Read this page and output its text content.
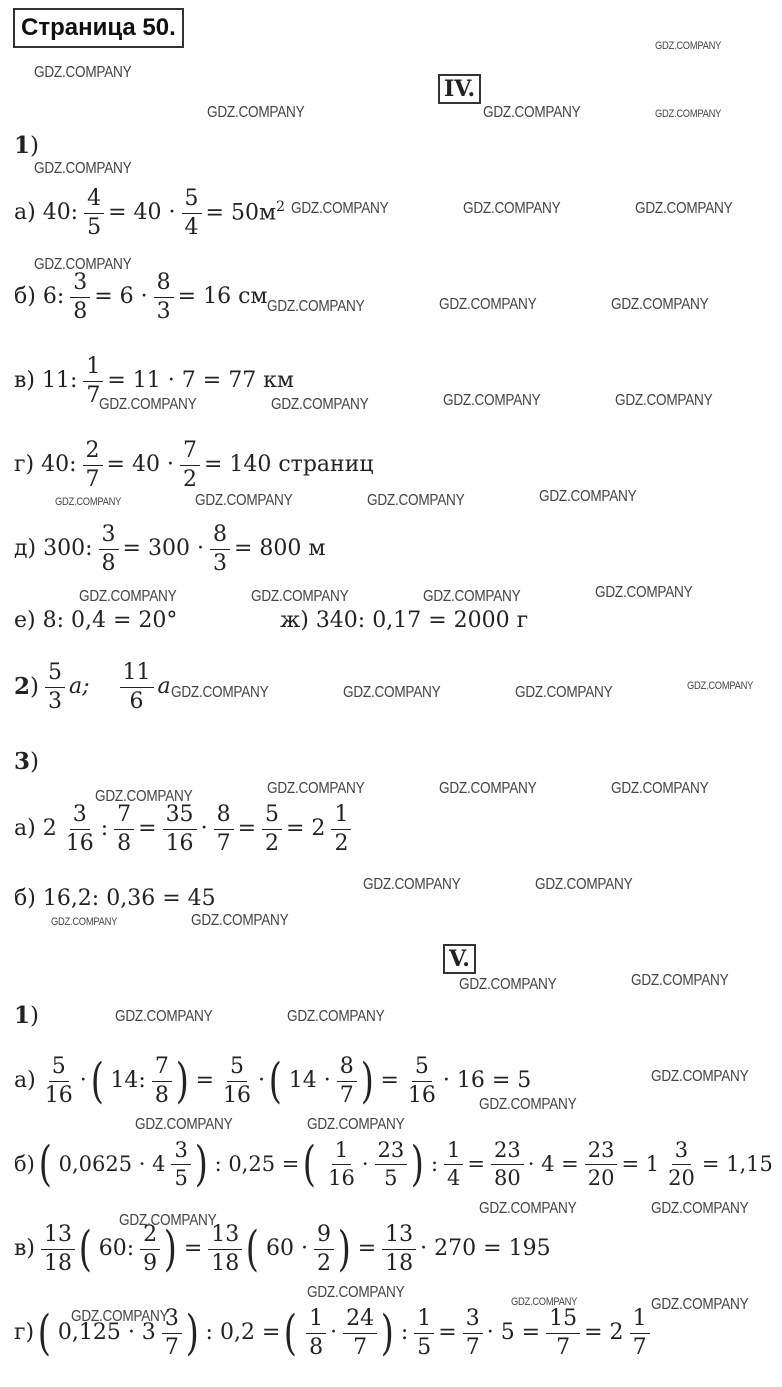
Страница 50.
IV.
1)
а) 40: $\frac{4}{5} = 40 \cdot \frac{5}{4} = 50м^2$
б) 6: $\frac{3}{8} = 6 \cdot \frac{8}{3} = 16$ см
в) 11: $\frac{1}{7} = 11 \cdot 7 = 77$ км
г) 40: $\frac{2}{7} = 40 \cdot \frac{7}{2} = 140$ страниц
д) 300: $\frac{3}{8} = 300 \cdot \frac{8}{3} = 800$ м
е) 8: 0,4 = 20°	ж) 340: 0,17 = 2000 г
$2) \frac{5}{3} a$; $\frac{11}{6}$ a
3)
а) $2 \frac{3}{16}$ : $\frac{7}{8} = \frac{35}{16} \cdot \frac{8}{7} = \frac{5}{2} = 2 \frac{1}{2}$
б) 16,2: 0,36 = 45
V.
1)
$а) \frac{5}{16}$ · ( 14: $\frac{7}{8}$ ) = $\frac{5}{16}$ · ( $14 \cdot \frac{8}{7}$ ) = $\frac{5}{16} \cdot 16 = 5$
б) ( $0,0625 \cdot 4 \frac{3}{5}$ ) : 0,25 = ( $\frac{1}{16} \cdot \frac{23}{5}$ ) : $\frac{1}{4} = \frac{23}{80} \cdot 4 = \frac{23}{20} = 1 \frac{3}{20} = 1,15$
$в) \frac{13}{18}$ ( 60: $\frac{2}{9}$ ) = $\frac{13}{18}$ ( $60 \cdot \frac{9}{2}$ ) = $\frac{13}{18} \cdot 270 = 195$
г) ( $0,125 \cdot 3 \frac{3}{7}$ ) : 0,2 = ( $\frac{1}{8} \cdot \frac{24}{7}$ ) : $\frac{1}{5} = \frac{3}{7} \cdot 5 = \frac{15}{7} = 2 \frac{1}{7}$
GDZ.COMPANY
GDZ.COMPANY
GDZ.COMPANY	GDZ.COMPANY	GDZ.COMPANY
GDZ.COMPANY
GDZ.COMPANY	GDZ.COMPANY	GDZ.COMPANY
GDZ.COMPANY
GDZ.COMPANY	GDZ.COMPANY	GDZ.COMPANY
GDZ.COMPANY	GDZ.COMPANY	GDZ.COMPANY	GDZ.COMPANY
GDZ.COMPANY	GDZ.COMPANY	GDZ.COMPANY	GDZ.COMPANY
GDZ.COMPANY	GDZ.COMPANY	GDZ.COMPANY	GDZ.COMPANY
GDZ.COMPANY	GDZ.COMPANY	GDZ.COMPANY	GDZ.COMPANY
GDZ.COMPANY	GDZ.COMPANY	GDZ.COMPANY	GDZ.COMPANY
GDZ.COMPANY	GDZ.COMPANY
GDZ.COMPANY	GDZ.COMPANY
GDZ.COMPANY	GDZ.COMPANY
GDZ.COMPANY	GDZ.COMPANY
GDZ.COMPANY
GDZ.COMPANY
GDZ.COMPANY	GDZ.COMPANY
GDZ.COMPANY	GDZ.COMPANY
GDZ.COMPANY
GDZ.COMPANY
GDZ.COMPANY	GDZ.COMPANY
GDZ.COMPANY
